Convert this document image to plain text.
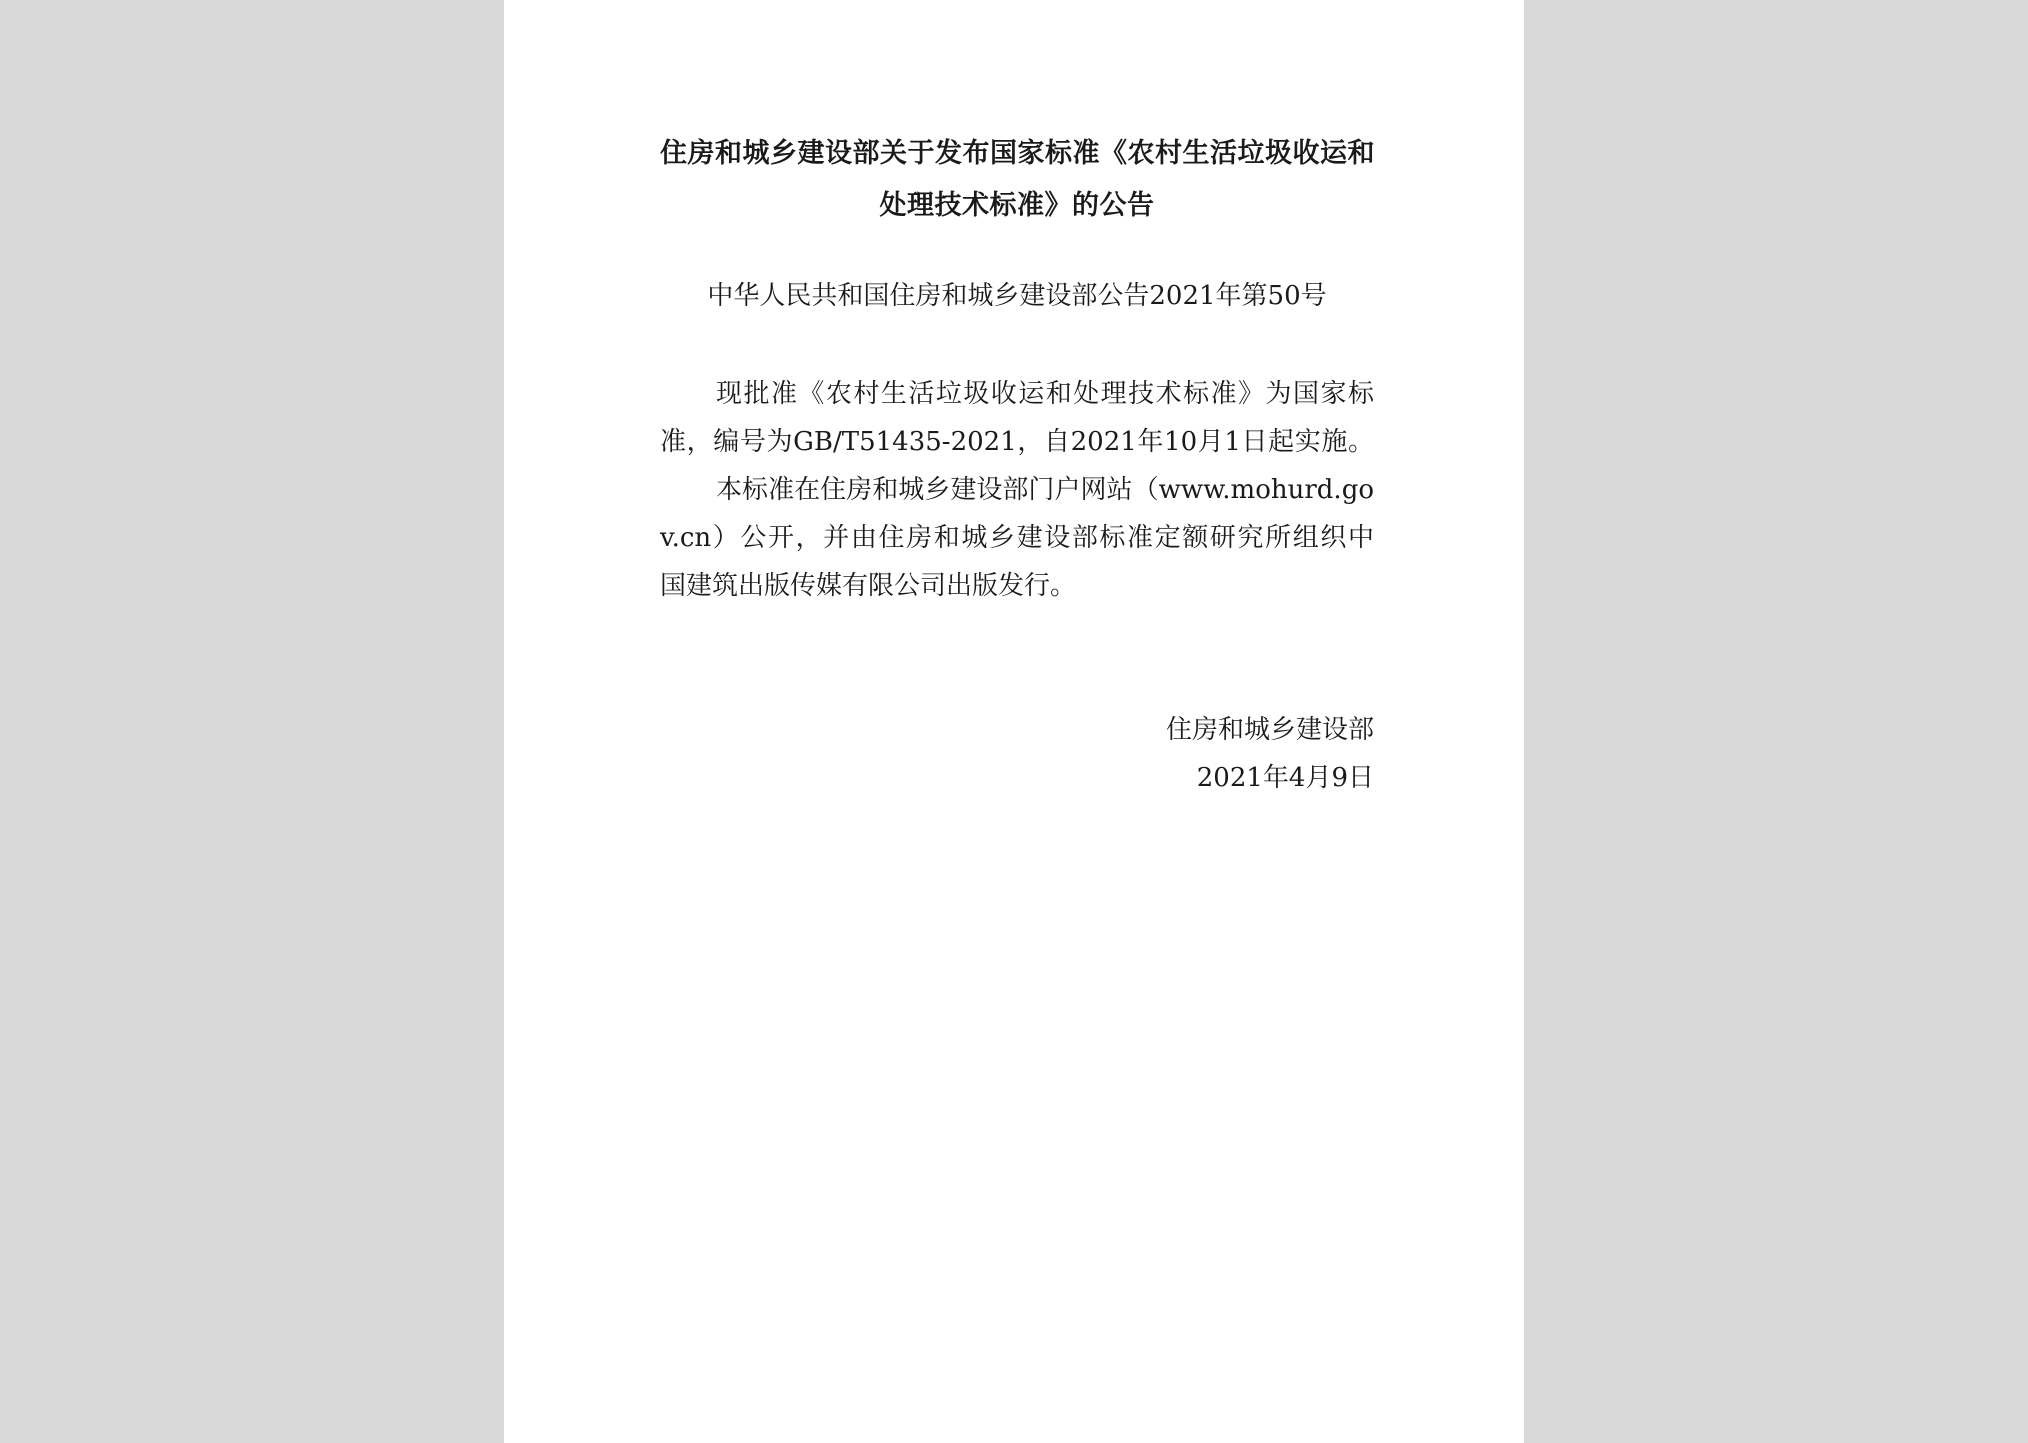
住房和城乡建设部关于发布国家标准《农村生活垃圾收运和
处理技术标准》的公告
中华人民共和国住房和城乡建设部公告2021年第50号
现批准《农村生活垃圾收运和处理技术标准》为国家标
准，编号为GB/T51435-2021，自2021年10月1日起实施。
本标准在住房和城乡建设部门户网站（www.mohurd.go
v.cn）公开，并由住房和城乡建设部标准定额研究所组织中
国建筑出版传媒有限公司出版发行。
住房和城乡建设部
2021年4月9日
